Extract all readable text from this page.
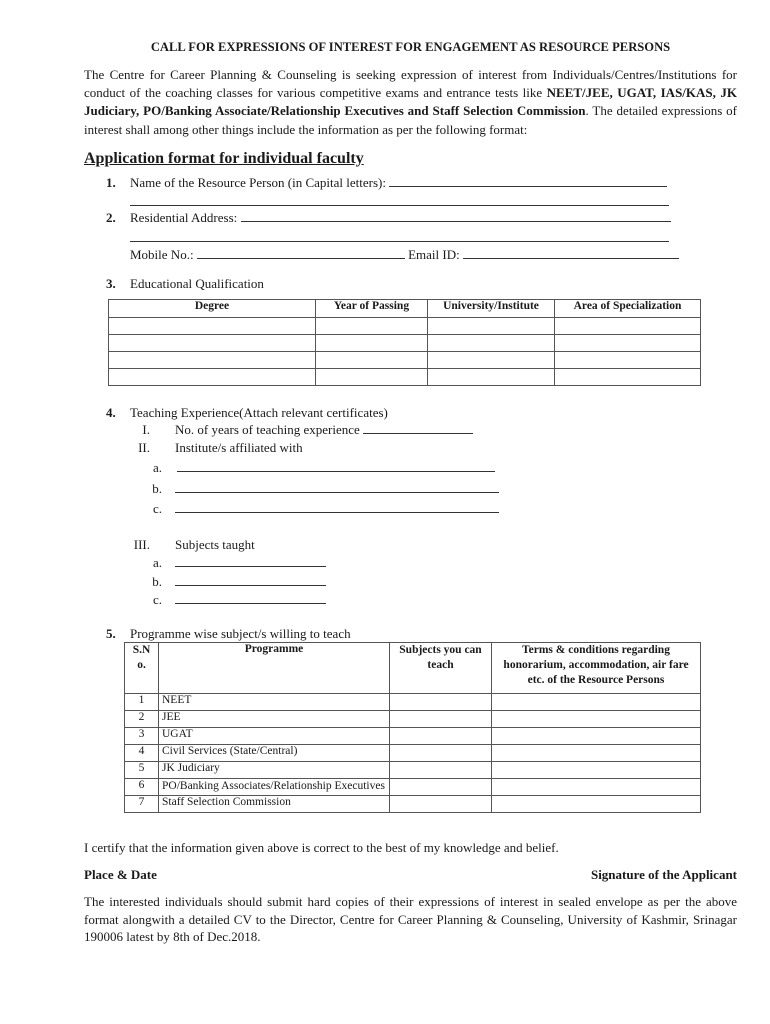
CALL FOR EXPRESSIONS OF INTEREST FOR ENGAGEMENT AS RESOURCE PERSONS

The Centre for Career Planning & Counseling is seeking expression of interest from Individuals/Centres/Institutions for conduct of the coaching classes for various competitive exams and entrance tests like NEET/JEE, UGAT, IAS/KAS, JK Judiciary, PO/Banking Associate/Relationship Executives and Staff Selection Commission. The detailed expressions of interest shall among other things include the information as per the following format:

Application format for individual faculty
1. Name of the Resource Person (in Capital letters):
2. Residential Address:
Mobile No.:	Email ID:
3. Educational Qualification
Degree	Year of Passing	University/Institute	Area of Specialization

4. Teaching Experience(Attach relevant certificates)
I. No. of years of teaching experience
II. Institute/s affiliated with
a.
b.
c.
III. Subjects taught
a.
b.
c.
5. Programme wise subject/s willing to teach
S.N o.	Programme	Subjects you can teach	Terms & conditions regarding honorarium, accommodation, air fare etc. of the Resource Persons
1	NEET		
2	JEE		
3	UGAT		
4	Civil Services (State/Central)		
5	JK Judiciary		
6	PO/Banking Associates/Relationship Executives		
7	Staff Selection Commission		

I certify that the information given above is correct to the best of my knowledge and belief.

Place & Date	Signature of the Applicant
The interested individuals should submit hard copies of their expressions of interest in sealed envelope as per the above format alongwith a detailed CV to the Director, Centre for Career Planning & Counseling, University of Kashmir, Srinagar 190006 latest by 8th of Dec.2018.
